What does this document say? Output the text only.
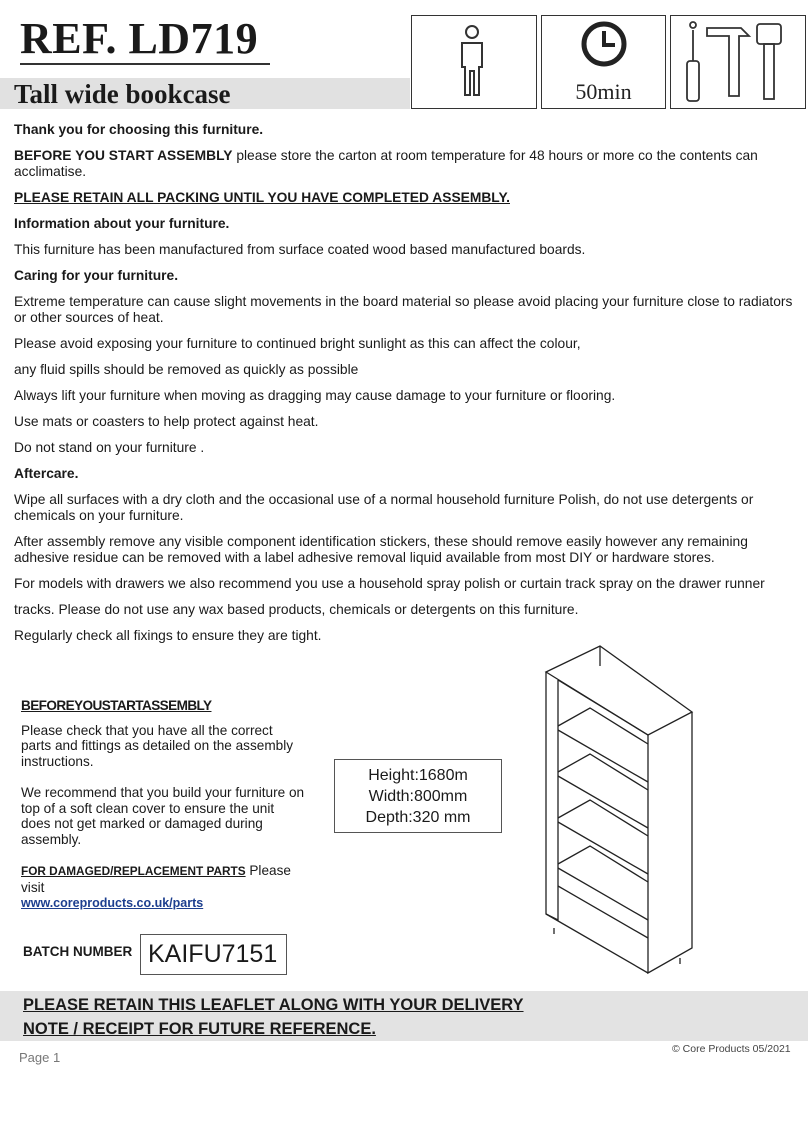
REF. LD719
Tall wide bookcase	50min

Thank you for choosing this furniture.

BEFORE YOU START ASSEMBLY please store the carton at room temperature for 48 hours or more co the contents can acclimatise.

PLEASE RETAIN ALL PACKING UNTIL YOU HAVE COMPLETED ASSEMBLY.

Information about your furniture.

This furniture has been manufactured from surface coated wood based manufactured boards.

Caring for your furniture.

Extreme temperature can cause slight movements in the board material so please avoid placing your furniture close to radiators or other sources of heat.

Please avoid exposing your furniture to continued bright sunlight as this can affect the colour,

any fluid spills should be removed as quickly as possible

Always lift your furniture when moving as dragging may cause damage to your furniture or flooring.

Use mats or coasters to help protect against heat.

Do not stand on your furniture .

Aftercare.

Wipe all surfaces with a dry cloth and the occasional use of a normal household furniture Polish, do not use detergents or chemicals on your furniture.

After assembly remove any visible component identification stickers, these should remove easily however any remaining adhesive residue can be removed with a label adhesive removal liquid available from most DIY or hardware stores.

For models with drawers we also recommend you use a household spray polish or curtain track spray on the drawer runner

tracks. Please do not use any wax based products, chemicals or detergents on this furniture.

Regularly check all fixings to ensure they are tight.

BEFOREYOUSTARTASSEMBLY

Please check that you have all the correct parts and fittings as detailed on the assembly instructions.

We recommend that you build your furniture on top of a soft clean cover to ensure the unit does not get marked or damaged during assembly.

FOR DAMAGED/REPLACEMENT PARTS Please visit
www.coreproducts.co.uk/parts
Height:1680m
Width:800mm
Depth:320 mm
BATCH NUMBER KAIFU7151
PLEASE RETAIN THIS LEAFLET ALONG WITH YOUR DELIVERY
NOTE / RECEIPT FOR FUTURE REFERENCE.
Page 1
© Core Products 05/2021
